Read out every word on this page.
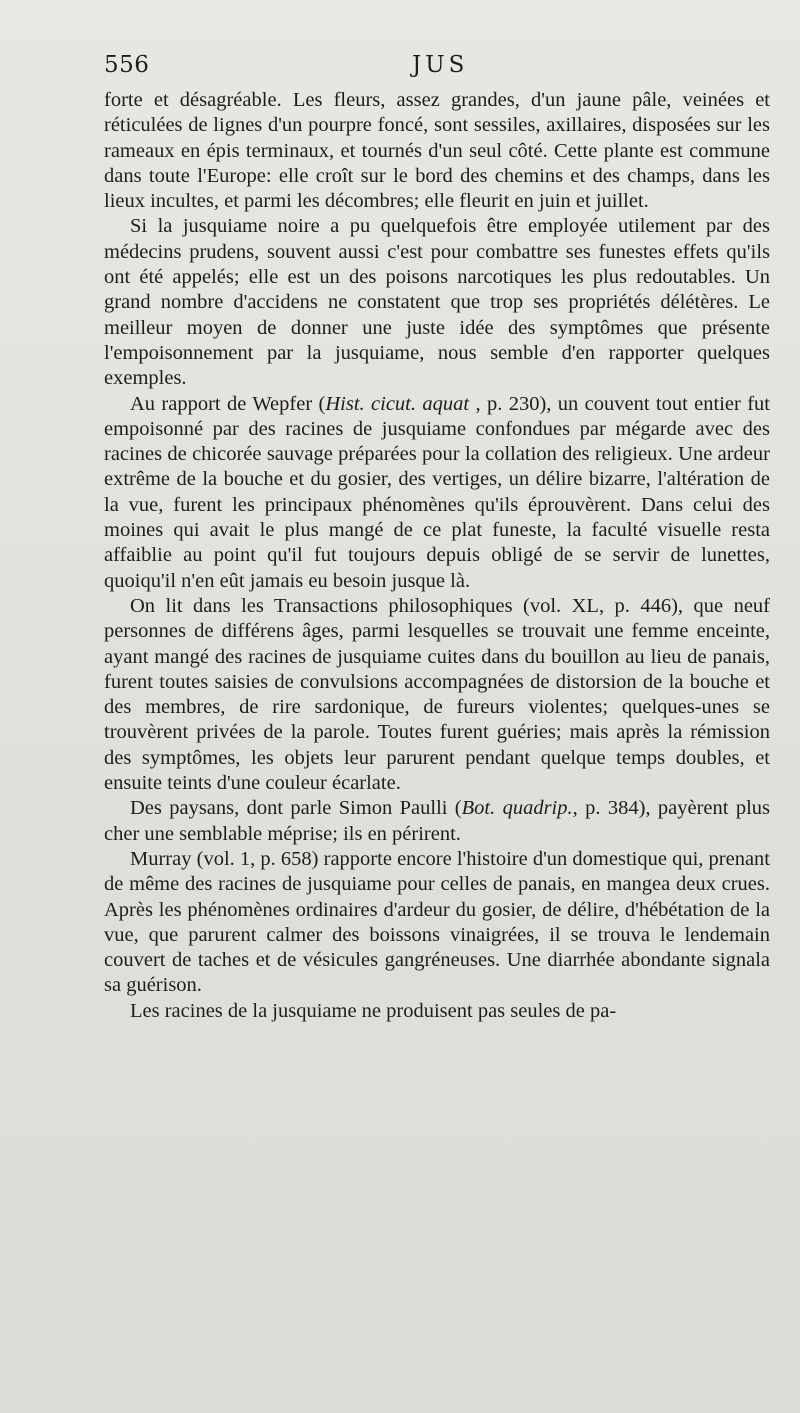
556	JUS

forte et désagréable. Les fleurs, assez grandes, d'un jaune pâle, veinées et réticulées de lignes d'un pourpre foncé, sont sessiles, axillaires, disposées sur les rameaux en épis terminaux, et tournés d'un seul côté. Cette plante est commune dans toute l'Europe: elle croît sur le bord des chemins et des champs, dans les lieux incultes, et parmi les décombres; elle fleurit en juin et juillet.

Si la jusquiame noire a pu quelquefois être employée utilement par des médecins prudens, souvent aussi c'est pour combattre ses funestes effets qu'ils ont été appelés; elle est un des poisons narcotiques les plus redoutables. Un grand nombre d'accidens ne constatent que trop ses propriétés délétères. Le meilleur moyen de donner une juste idée des symptômes que présente l'empoisonnement par la jusquiame, nous semble d'en rapporter quelques exemples.

Au rapport de Wepfer (Hist. cicut. aquat , p. 230), un couvent tout entier fut empoisonné par des racines de jusquiame confondues par mégarde avec des racines de chicorée sauvage préparées pour la collation des religieux. Une ardeur extrême de la bouche et du gosier, des vertiges, un délire bizarre, l'altération de la vue, furent les principaux phénomènes qu'ils éprouvèrent. Dans celui des moines qui avait le plus mangé de ce plat funeste, la faculté visuelle resta affaiblie au point qu'il fut toujours depuis obligé de se servir de lunettes, quoiqu'il n'en eût jamais eu besoin jusque là.

On lit dans les Transactions philosophiques (vol. XL, p. 446), que neuf personnes de différens âges, parmi lesquelles se trouvait une femme enceinte, ayant mangé des racines de jusquiame cuites dans du bouillon au lieu de panais, furent toutes saisies de convulsions accompagnées de distorsion de la bouche et des membres, de rire sardonique, de fureurs violentes; quelques-unes se trouvèrent privées de la parole. Toutes furent guéries; mais après la rémission des symptômes, les objets leur parurent pendant quelque temps doubles, et ensuite teints d'une couleur écarlate.

Des paysans, dont parle Simon Paulli (Bot. quadrip., p. 384), payèrent plus cher une semblable méprise; ils en périrent.

Murray (vol. 1, p. 658) rapporte encore l'histoire d'un domestique qui, prenant de même des racines de jusquiame pour celles de panais, en mangea deux crues. Après les phénomènes ordinaires d'ardeur du gosier, de délire, d'hébétation de la vue, que parurent calmer des boissons vinaigrées, il se trouva le lendemain couvert de taches et de vésicules gangréneuses. Une diarrhée abondante signala sa guérison.

Les racines de la jusquiame ne produisent pas seules de pa-
